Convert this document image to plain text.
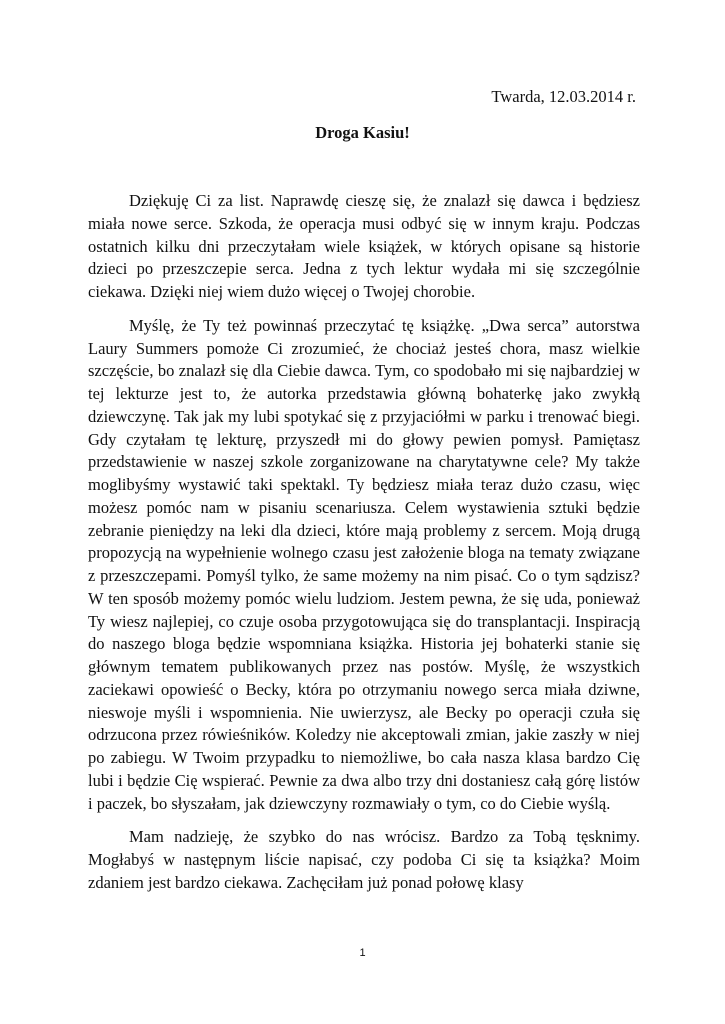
Twarda, 12.03.2014 r.
Droga Kasiu!

Dziękuję Ci za list. Naprawdę cieszę się, że znalazł się dawca i będziesz miała nowe serce. Szkoda, że operacja musi odbyć się w innym kraju. Podczas ostatnich kilku dni przeczytałam wiele książek, w których opisane są historie dzieci po przeszczepie serca. Jedna z tych lektur wydała mi się szczególnie ciekawa. Dzięki niej wiem dużo więcej o Twojej chorobie.

Myślę, że Ty też powinnaś przeczytać tę książkę. „Dwa serca” autorstwa Laury Summers pomoże Ci zrozumieć, że chociaż jesteś chora, masz wielkie szczęście, bo znalazł się dla Ciebie dawca. Tym, co spodobało mi się najbardziej w tej lekturze jest to, że autorka przedstawia główną bohaterkę jako zwykłą dziewczynę. Tak jak my lubi spotykać się z przyjaciółmi w parku i trenować biegi. Gdy czytałam tę lekturę, przyszedł mi do głowy pewien pomysł. Pamiętasz przedstawienie w naszej szkole zorganizowane na charytatywne cele? My także moglibyśmy wystawić taki spektakl. Ty będziesz miała teraz dużo czasu, więc możesz pomóc nam w pisaniu scenariusza. Celem wystawienia sztuki będzie zebranie pieniędzy na leki dla dzieci, które mają problemy z sercem. Moją drugą propozycją na wypełnienie wolnego czasu jest założenie bloga na tematy związane z przeszczepami. Pomyśl tylko, że same możemy na nim pisać. Co o tym sądzisz? W ten sposób możemy pomóc wielu ludziom. Jestem pewna, że się uda, ponieważ Ty wiesz najlepiej, co czuje osoba przygotowująca się do transplantacji. Inspiracją do naszego bloga będzie wspomniana książka. Historia jej bohaterki stanie się głównym tematem publikowanych przez nas postów. Myślę, że wszystkich zaciekawi opowieść o Becky, która po otrzymaniu nowego serca miała dziwne, nieswoje myśli i wspomnienia. Nie uwierzysz, ale Becky po operacji czuła się odrzucona przez rówieśników. Koledzy nie akceptowali zmian, jakie zaszły w niej po zabiegu. W Twoim przypadku to niemożliwe, bo cała nasza klasa bardzo Cię lubi i będzie Cię wspierać. Pewnie za dwa albo trzy dni dostaniesz całą górę listów i paczek, bo słyszałam, jak dziewczyny rozmawiały o tym, co do Ciebie wyślą.

Mam nadzieję, że szybko do nas wrócisz. Bardzo za Tobą tęsknimy. Mogłabyś w następnym liście napisać, czy podoba Ci się ta książka? Moim zdaniem jest bardzo ciekawa. Zachęciłam już ponad połowę klasy

1
